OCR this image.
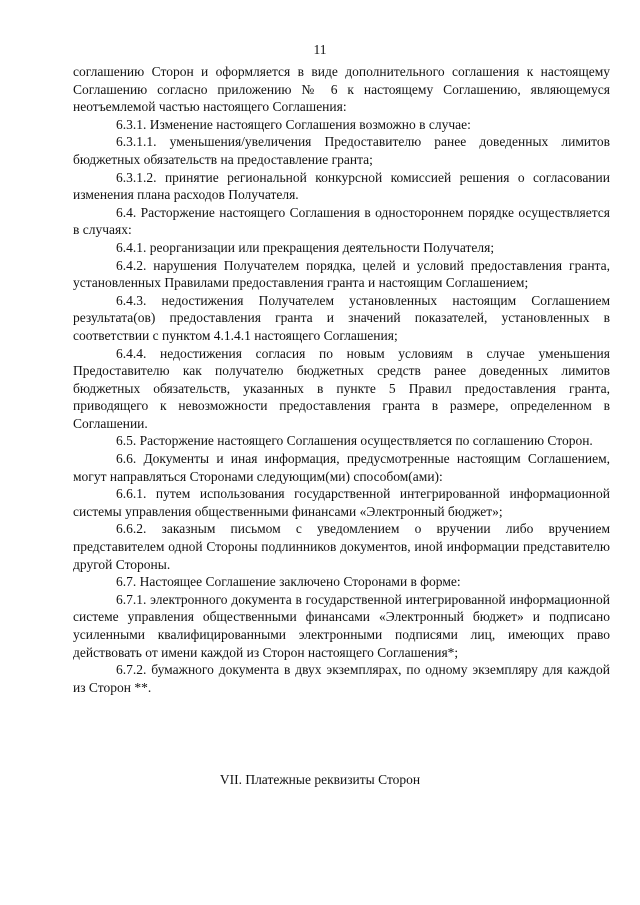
11

соглашению Сторон и оформляется в виде дополнительного соглашения к настоящему Соглашению согласно приложению № 6 к настоящему Соглашению, являющемуся неотъемлемой частью настоящего Соглашения:

6.3.1. Изменение настоящего Соглашения возможно в случае:

6.3.1.1. уменьшения/увеличения Предоставителю ранее доведенных лимитов бюджетных обязательств на предоставление гранта;

6.3.1.2. принятие региональной конкурсной комиссией решения о согласовании изменения плана расходов Получателя.

6.4. Расторжение настоящего Соглашения в одностороннем порядке осуществляется в случаях:

6.4.1. реорганизации или прекращения деятельности Получателя;

6.4.2. нарушения Получателем порядка, целей и условий предоставления гранта, установленных Правилами предоставления гранта и настоящим Соглашением;

6.4.3. недостижения Получателем установленных настоящим Соглашением результата(ов) предоставления гранта и значений показателей, установленных в соответствии с пунктом 4.1.4.1 настоящего Соглашения;

6.4.4. недостижения согласия по новым условиям в случае уменьшения Предоставителю как получателю бюджетных средств ранее доведенных лимитов бюджетных обязательств, указанных в пункте 5 Правил предоставления гранта, приводящего к невозможности предоставления гранта в размере, определенном в Соглашении.

6.5. Расторжение настоящего Соглашения осуществляется по соглашению Сторон.

6.6. Документы и иная информация, предусмотренные настоящим Соглашением, могут направляться Сторонами следующим(ми) способом(ами):

6.6.1. путем использования государственной интегрированной информационной системы управления общественными финансами «Электронный бюджет»;

6.6.2. заказным письмом с уведомлением о вручении либо вручением представителем одной Стороны подлинников документов, иной информации представителю другой Стороны.

6.7. Настоящее Соглашение заключено Сторонами в форме:

6.7.1. электронного документа в государственной интегрированной информационной системе управления общественными финансами «Электронный бюджет» и подписано усиленными квалифицированными электронными подписями лиц, имеющих право действовать от имени каждой из Сторон настоящего Соглашения*;

6.7.2. бумажного документа в двух экземплярах, по одному экземпляру для каждой из Сторон **.

VII. Платежные реквизиты Сторон
